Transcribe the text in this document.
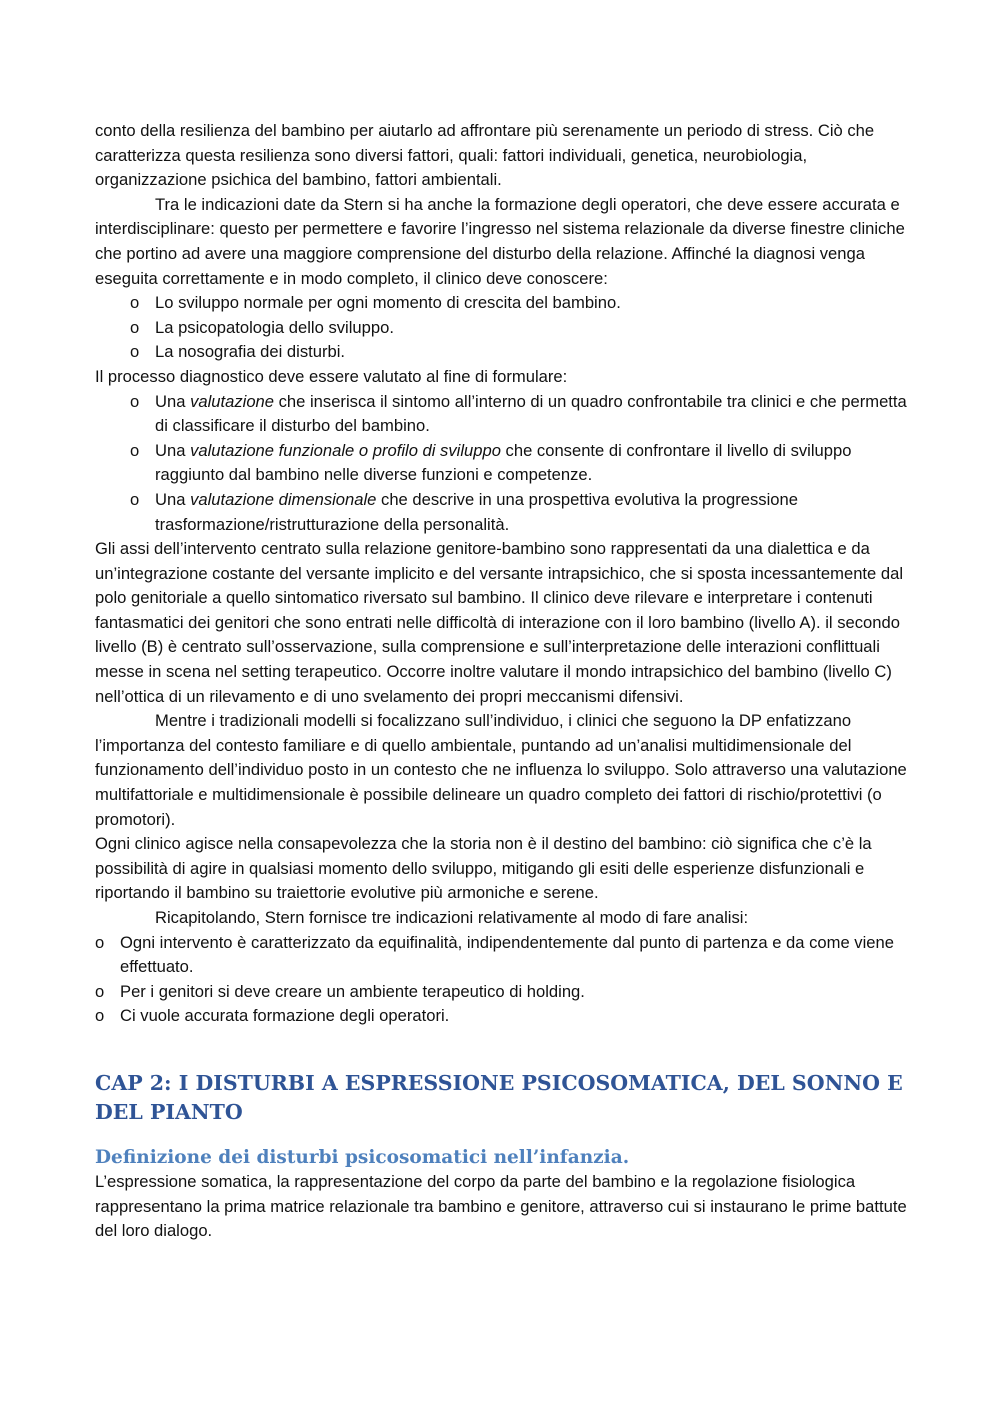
conto della resilienza del bambino per aiutarlo ad affrontare più serenamente un periodo di stress. Ciò che caratterizza questa resilienza sono diversi fattori, quali: fattori individuali, genetica, neurobiologia, organizzazione psichica del bambino, fattori ambientali.

Tra le indicazioni date da Stern si ha anche la formazione degli operatori, che deve essere accurata e interdisciplinare: questo per permettere e favorire l’ingresso nel sistema relazionale da diverse finestre cliniche che portino ad avere una maggiore comprensione del disturbo della relazione. Affinché la diagnosi venga eseguita correttamente e in modo completo, il clinico deve conoscere:

o Lo sviluppo normale per ogni momento di crescita del bambino.
o La psicopatologia dello sviluppo.
o La nosografia dei disturbi.

Il processo diagnostico deve essere valutato al fine di formulare:

o Una valutazione che inserisca il sintomo all’interno di un quadro confrontabile tra clinici e che permetta di classificare il disturbo del bambino.
o Una valutazione funzionale o profilo di sviluppo che consente di confrontare il livello di sviluppo raggiunto dal bambino nelle diverse funzioni e competenze.
o Una valutazione dimensionale che descrive in una prospettiva evolutiva la progressione trasformazione/ristrutturazione della personalità.

Gli assi dell’intervento centrato sulla relazione genitore-bambino sono rappresentati da una dialettica e da un’integrazione costante del versante implicito e del versante intrapsichico, che si sposta incessantemente dal polo genitoriale a quello sintomatico riversato sul bambino. Il clinico deve rilevare e interpretare i contenuti fantasmatici dei genitori che sono entrati nelle difficoltà di interazione con il loro bambino (livello A). il secondo livello (B) è centrato sull’osservazione, sulla comprensione e sull’interpretazione delle interazioni conflittuali messe in scena nel setting terapeutico. Occorre inoltre valutare il mondo intrapsichico del bambino (livello C) nell’ottica di un rilevamento e di uno svelamento dei propri meccanismi difensivi.

Mentre i tradizionali modelli si focalizzano sull’individuo, i clinici che seguono la DP enfatizzano l’importanza del contesto familiare e di quello ambientale, puntando ad un’analisi multidimensionale del funzionamento dell’individuo posto in un contesto che ne influenza lo sviluppo. Solo attraverso una valutazione multifattoriale e multidimensionale è possibile delineare un quadro completo dei fattori di rischio/protettivi (o promotori).

Ogni clinico agisce nella consapevolezza che la storia non è il destino del bambino: ciò significa che c’è la possibilità di agire in qualsiasi momento dello sviluppo, mitigando gli esiti delle esperienze disfunzionali e riportando il bambino su traiettorie evolutive più armoniche e serene.

Ricapitolando, Stern fornisce tre indicazioni relativamente al modo di fare analisi:

o Ogni intervento è caratterizzato da equifinalità, indipendentemente dal punto di partenza e da come viene effettuato.
o Per i genitori si deve creare un ambiente terapeutico di holding.
o Ci vuole accurata formazione degli operatori.
CAP 2: I DISTURBI A ESPRESSIONE PSICOSOMATICA, DEL SONNO E DEL PIANTO
Definizione dei disturbi psicosomatici nell’infanzia.

L’espressione somatica, la rappresentazione del corpo da parte del bambino e la regolazione fisiologica rappresentano la prima matrice relazionale tra bambino e genitore, attraverso cui si instaurano le prime battute del loro dialogo.
